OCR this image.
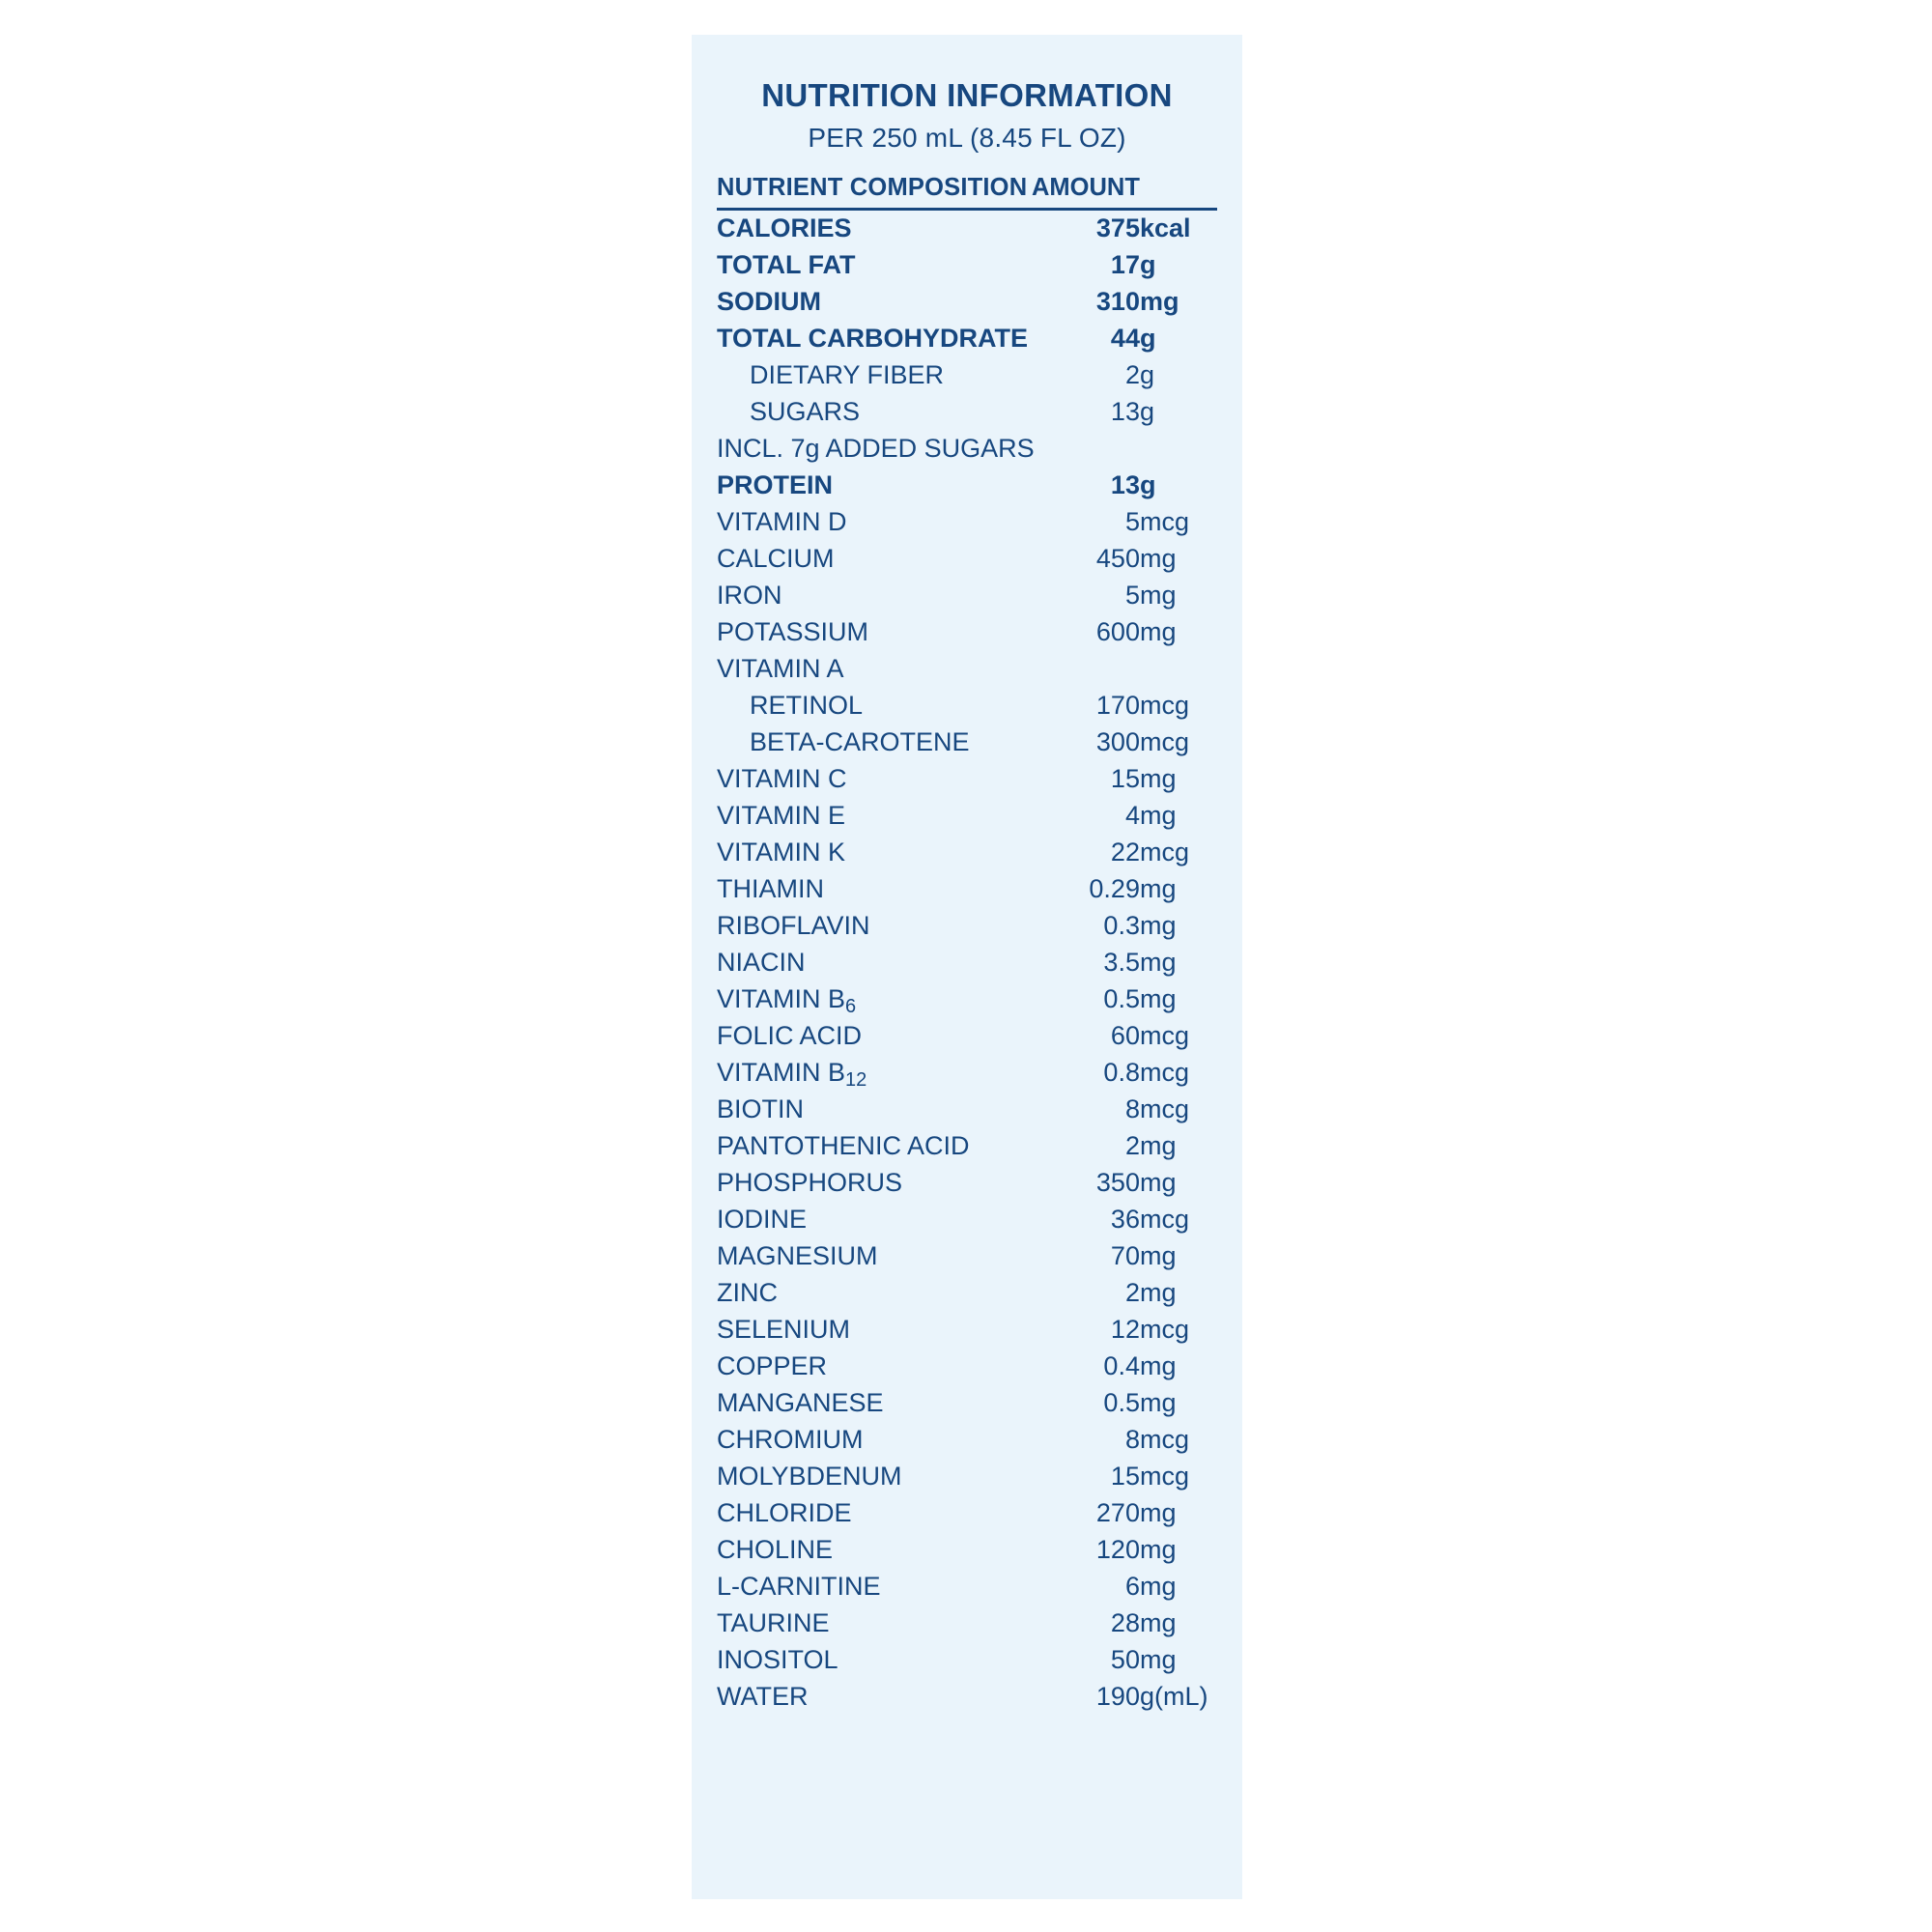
NUTRITION INFORMATION
PER 250 mL (8.45 FL OZ)
NUTRIENT COMPOSITION	AMOUNT	
CALORIES	375	kcal
TOTAL FAT	17	g
SODIUM	310	mg
TOTAL CARBOHYDRATE	44	g
DIETARY FIBER	2	g
SUGARS	13	g
INCL. 7g ADDED SUGARS		
PROTEIN	13	g
VITAMIN D	5	mcg
CALCIUM	450	mg
IRON	5	mg
POTASSIUM	600	mg
VITAMIN A		
RETINOL	170	mcg
BETA-CAROTENE	300	mcg
VITAMIN C	15	mg
VITAMIN E	4	mg
VITAMIN K	22	mcg
THIAMIN	0.29	mg
RIBOFLAVIN	0.3	mg
NIACIN	3.5	mg
VITAMIN B6	0.5	mg
FOLIC ACID	60	mcg
VITAMIN B12	0.8	mcg
BIOTIN	8	mcg
PANTOTHENIC ACID	2	mg
PHOSPHORUS	350	mg
IODINE	36	mcg
MAGNESIUM	70	mg
ZINC	2	mg
SELENIUM	12	mcg
COPPER	0.4	mg
MANGANESE	0.5	mg
CHROMIUM	8	mcg
MOLYBDENUM	15	mcg
CHLORIDE	270	mg
CHOLINE	120	mg
L-CARNITINE	6	mg
TAURINE	28	mg
INOSITOL	50	mg
WATER	190	g(mL)
